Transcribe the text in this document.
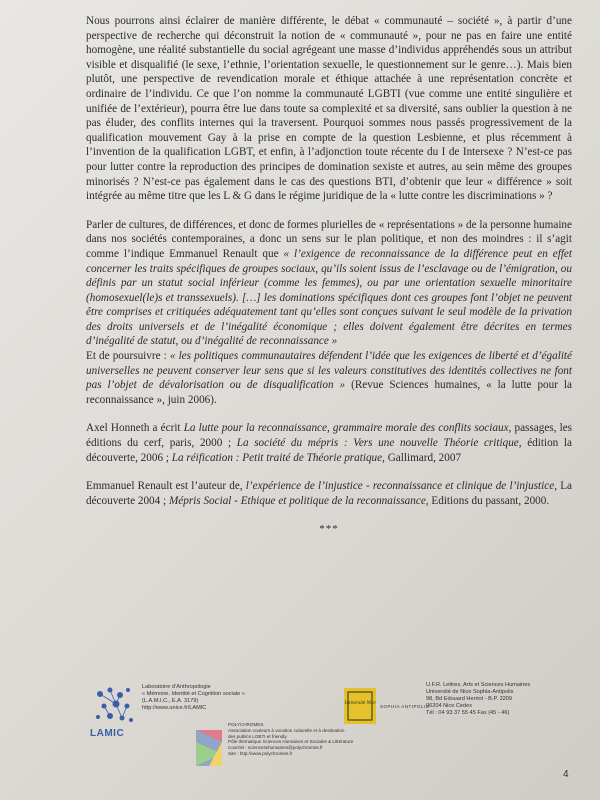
Nous pourrons ainsi éclairer de manière différente, le débat « communauté – société », à partir d’une perspective de recherche qui déconstruit la notion de « communauté », pour ne pas en faire une entité homogène, une réalité substantielle du social agrégeant une masse d’individus appréhendés sous un attribut visible et disqualifié (le sexe, l’ethnie, l’orientation sexuelle, le questionnement sur le genre…). Mais bien plutôt, une perspective de revendication morale et éthique attachée à une représentation concrète et ordinaire de l’individu. Ce que l’on nomme la communauté LGBTI (vue comme une entité singulière et unifiée de l’extérieur), pourra être lue dans toute sa complexité et sa diversité, sans oublier la question à ne pas éluder, des conflits internes qui la traversent. Pourquoi sommes nous passés progressivement de la qualification mouvement Gay à la prise en compte de la question Lesbienne, et plus récemment à l’invention de la qualification LGBT, et enfin, à l’adjonction toute récente du I de Intersexe ? N’est-ce pas pour lutter contre la reproduction des principes de domination sexiste et autres, au sein même des groupes minorisés ? N’est-ce pas également dans le cas des questions BTI, d’obtenir que leur « différence » soit intégrée au même titre que les L & G dans le régime juridique de la « lutte contre les discriminations » ?

Parler de cultures, de différences, et donc de formes plurielles de « représentations » de la personne humaine dans nos sociétés contemporaines, a donc un sens sur le plan politique, et non des moindres : il s’agit comme l’indique Emmanuel Renault que « l’exigence de reconnaissance de la différence peut en effet concerner les traits spécifiques de groupes sociaux, qu’ils soient issus de l’esclavage ou de l’émigration, ou définis par un statut social inférieur (comme les femmes), ou par une orientation sexuelle minoritaire (homosexuel(le)s et transsexuels). […] les dominations spécifiques dont ces groupes font l’objet ne peuvent être comprises et critiquées adéquatement tant qu’elles sont conçues suivant le seul modèle de la privation des droits universels et de l’inégalité économique ; elles doivent également être décrites en termes d’inégalité de statut, ou d’inégalité de reconnaissance »
Et de poursuivre : « les politiques communautaires défendent l’idée que les exigences de liberté et d’égalité universelles ne peuvent conserver leur sens que si les valeurs constitutives des identités collectives ne font pas l’objet de dévalorisation ou de disqualification » (Revue Sciences humaines, « la lutte pour la reconnaissance », juin 2006).

Axel Honneth a écrit La lutte pour la reconnaissance, grammaire morale des conflits sociaux, passages, les éditions du cerf, paris, 2000 ; La société du mépris : Vers une nouvelle Théorie critique, édition la découverte, 2006 ; La réification : Petit traité de Théorie pratique, Gallimard, 2007

Emmanuel Renault est l’auteur de, l’expérience de l’injustice - reconnaissance et clinique de l’injustice, La découverte 2004 ; Mépris Social - Ethique et politique de la reconnaissance, Editions du passant, 2000.

***
LAMIC
Laboratoire d’Anthropologie
« Mémoire, Identité et Cognition sociale »
(L.A.M.I.C., E.A. 3179)
http://www.unice.fr/LAMIC
Université Nice
SOPHIA ANTIPOLIS
U.F.R. Lettres, Arts et Sciences Humaines
Université de Nice Sophia-Antipolis
98, Bd Edouard Herriot - B.P. 3209
06204 Nice Cedex
Tél : 04 93 37 55 45 Fax (45 - 46)
POLYCHROMES
Association couleurs à vocation culturelle et à destination
des publics LGBTI et friendly
Pôle thématique Sciences Humaines et Sociales & Littérature
Courriel : sciencesshumaines@polychromes.fr
Site : http://www.polychromes.fr
4
